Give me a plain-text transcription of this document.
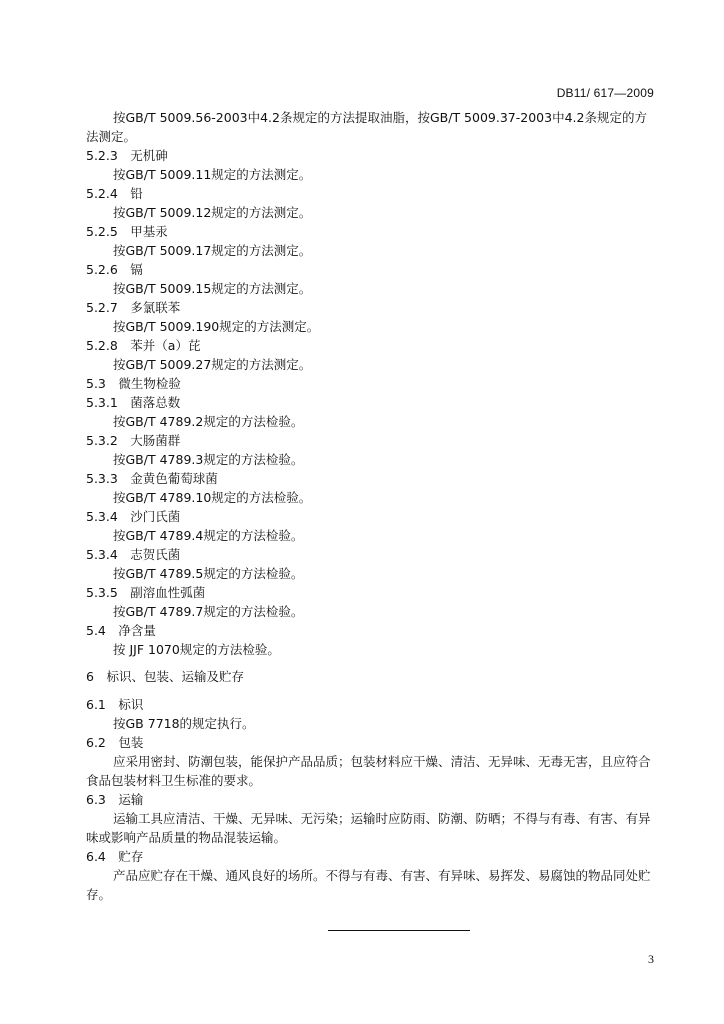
DB11/ 617—2009
按GB/T 5009.56-2003中4.2条规定的方法提取油脂，按GB/T 5009.37-2003中4.2条规定的方法测定。
5.2.3　无机砷
按GB/T 5009.11规定的方法测定。
5.2.4　铅
按GB/T 5009.12规定的方法测定。
5.2.5　甲基汞
按GB/T 5009.17规定的方法测定。
5.2.6　镉
按GB/T 5009.15规定的方法测定。
5.2.7　多氯联苯
按GB/T 5009.190规定的方法测定。
5.2.8　苯并（a）芘
按GB/T 5009.27规定的方法测定。
5.3　微生物检验
5.3.1　菌落总数
按GB/T 4789.2规定的方法检验。
5.3.2　大肠菌群
按GB/T 4789.3规定的方法检验。
5.3.3　金黄色葡萄球菌
按GB/T 4789.10规定的方法检验。
5.3.4　沙门氏菌
按GB/T 4789.4规定的方法检验。
5.3.4　志贺氏菌
按GB/T 4789.5规定的方法检验。
5.3.5　副溶血性弧菌
按GB/T 4789.7规定的方法检验。
5.4　净含量
按 JJF 1070规定的方法检验。
6　标识、包装、运输及贮存
6.1　标识
按GB 7718的规定执行。
6.2　包装
应采用密封、防潮包装，能保护产品品质；包装材料应干燥、清洁、无异味、无毒无害，且应符合食品包装材料卫生标准的要求。
6.3　运输
运输工具应清洁、干燥、无异味、无污染；运输时应防雨、防潮、防晒；不得与有毒、有害、有异味或影响产品质量的物品混装运输。
6.4　贮存
产品应贮存在干燥、通风良好的场所。不得与有毒、有害、有异味、易挥发、易腐蚀的物品同处贮存。
3
